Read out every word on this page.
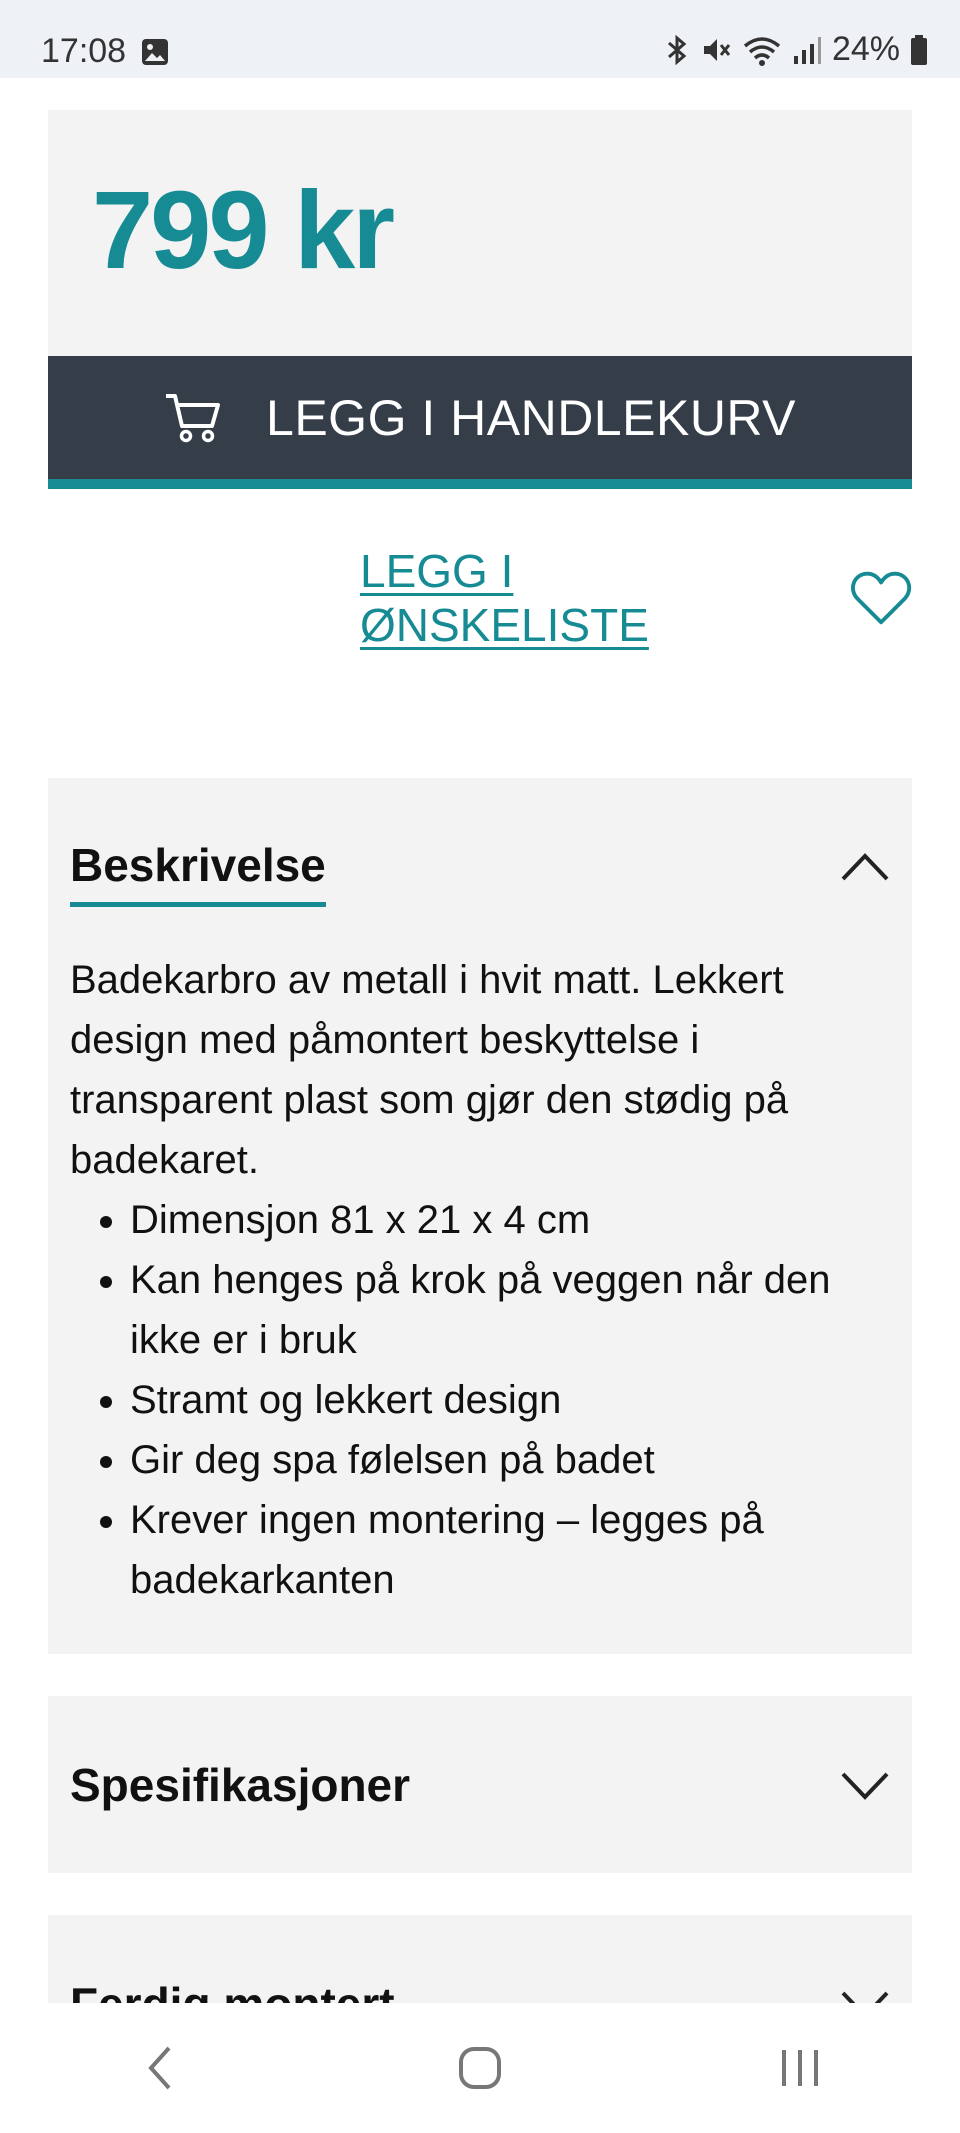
17:08	24%
799 kr
LEGG I HANDLEKURV
LEGG I ØNSKELISTE
Beskrivelse

Badekarbro av metall i hvit matt. Lekkert design med påmontert beskyttelse i transparent plast som gjør den stødig på badekaret.

• Dimensjon 81 x 21 x 4 cm
• Kan henges på krok på veggen når den ikke er i bruk
• Stramt og lekkert design
• Gir deg spa følelsen på badet
• Krever ingen montering – legges på badekarkanten
Spesifikasjoner
